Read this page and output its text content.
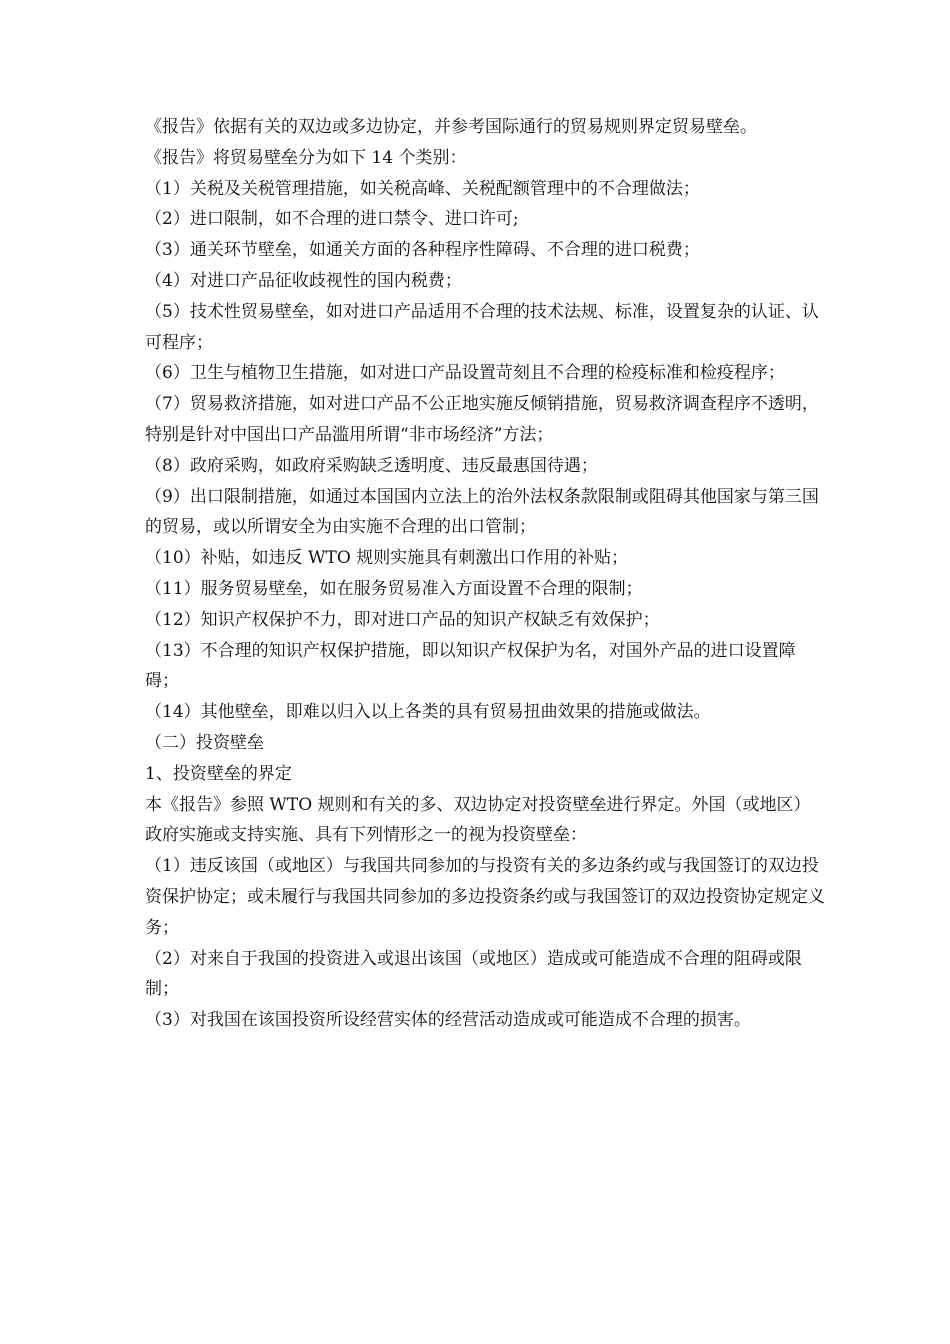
《报告》依据有关的双边或多边协定，并参考国际通行的贸易规则界定贸易壁垒。

《报告》将贸易壁垒分为如下 14 个类别：

（1）关税及关税管理措施，如关税高峰、关税配额管理中的不合理做法；

（2）进口限制，如不合理的进口禁令、进口许可;

（3）通关环节壁垒，如通关方面的各种程序性障碍、不合理的进口税费；

（4）对进口产品征收歧视性的国内税费；

（5）技术性贸易壁垒，如对进口产品适用不合理的技术法规、标准，设置复杂的认证、认可程序；

（6）卫生与植物卫生措施，如对进口产品设置苛刻且不合理的检疫标准和检疫程序；

（7）贸易救济措施，如对进口产品不公正地实施反倾销措施，贸易救济调查程序不透明，特别是针对中国出口产品滥用所谓“非市场经济”方法；

（8）政府采购，如政府采购缺乏透明度、违反最惠国待遇；

（9）出口限制措施，如通过本国国内立法上的治外法权条款限制或阻碍其他国家与第三国的贸易，或以所谓安全为由实施不合理的出口管制；

（10）补贴，如违反 WTO 规则实施具有刺激出口作用的补贴；

（11）服务贸易壁垒，如在服务贸易准入方面设置不合理的限制；

（12）知识产权保护不力，即对进口产品的知识产权缺乏有效保护；

（13）不合理的知识产权保护措施，即以知识产权保护为名，对国外产品的进口设置障碍；

（14）其他壁垒，即难以归入以上各类的具有贸易扭曲效果的措施或做法。

（二）投资壁垒

1、投资壁垒的界定

本《报告》参照 WTO 规则和有关的多、双边协定对投资壁垒进行界定。外国（或地区）政府实施或支持实施、具有下列情形之一的视为投资壁垒：

（1）违反该国（或地区）与我国共同参加的与投资有关的多边条约或与我国签订的双边投资保护协定；或未履行与我国共同参加的多边投资条约或与我国签订的双边投资协定规定义务；

（2）对来自于我国的投资进入或退出该国（或地区）造成或可能造成不合理的阻碍或限制；

（3）对我国在该国投资所设经营实体的经营活动造成或可能造成不合理的损害。
